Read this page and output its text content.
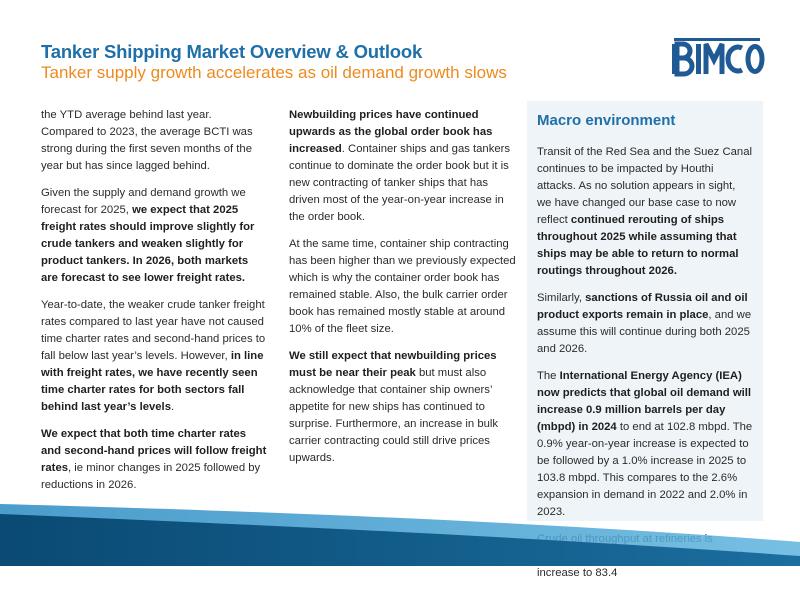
Tanker Shipping Market Overview & Outlook
Tanker supply growth accelerates as oil demand growth slows

the YTD average behind last year. Compared to 2023, the average BCTI was strong during the first seven months of the year but has since lagged behind.

Given the supply and demand growth we forecast for 2025, we expect that 2025 freight rates should improve slightly for crude tankers and weaken slightly for product tankers. In 2026, both markets are forecast to see lower freight rates.

Year-to-date, the weaker crude tanker freight rates compared to last year have not caused time charter rates and second-hand prices to fall below last year’s levels. However, in line with freight rates, we have recently seen time charter rates for both sectors fall behind last year’s levels.

We expect that both time charter rates and second-hand prices will follow freight rates, ie minor changes in 2025 followed by reductions in 2026.

Newbuilding prices have continued upwards as the global order book has increased. Container ships and gas tankers continue to dominate the order book but it is new contracting of tanker ships that has driven most of the year-on-year increase in the order book.

At the same time, container ship contracting has been higher than we previously expected which is why the container order book has remained stable. Also, the bulk carrier order book has remained mostly stable at around 10% of the fleet size.

We still expect that newbuilding prices must be near their peak but must also acknowledge that container ship owners’ appetite for new ships has continued to surprise. Furthermore, an increase in bulk carrier contracting could still drive prices upwards.

Macro environment

Transit of the Red Sea and the Suez Canal continues to be impacted by Houthi attacks. As no solution appears in sight, we have changed our base case to now reflect continued rerouting of ships throughout 2025 while assuming that ships may be able to return to normal routings throughout 2026.

Similarly, sanctions of Russia oil and oil product exports remain in place, and we assume this will continue during both 2025 and 2026.

The International Energy Agency (IEA) now predicts that global oil demand will increase 0.9 million barrels per day (mbpd) in 2024 to end at 102.8 mbpd. The 0.9% year-on-year increase is expected to be followed by a 1.0% increase in 2025 to 103.8 mbpd. This compares to the 2.6% expansion in demand in 2022 and 2.0% in 2023.

increase to 83.4
